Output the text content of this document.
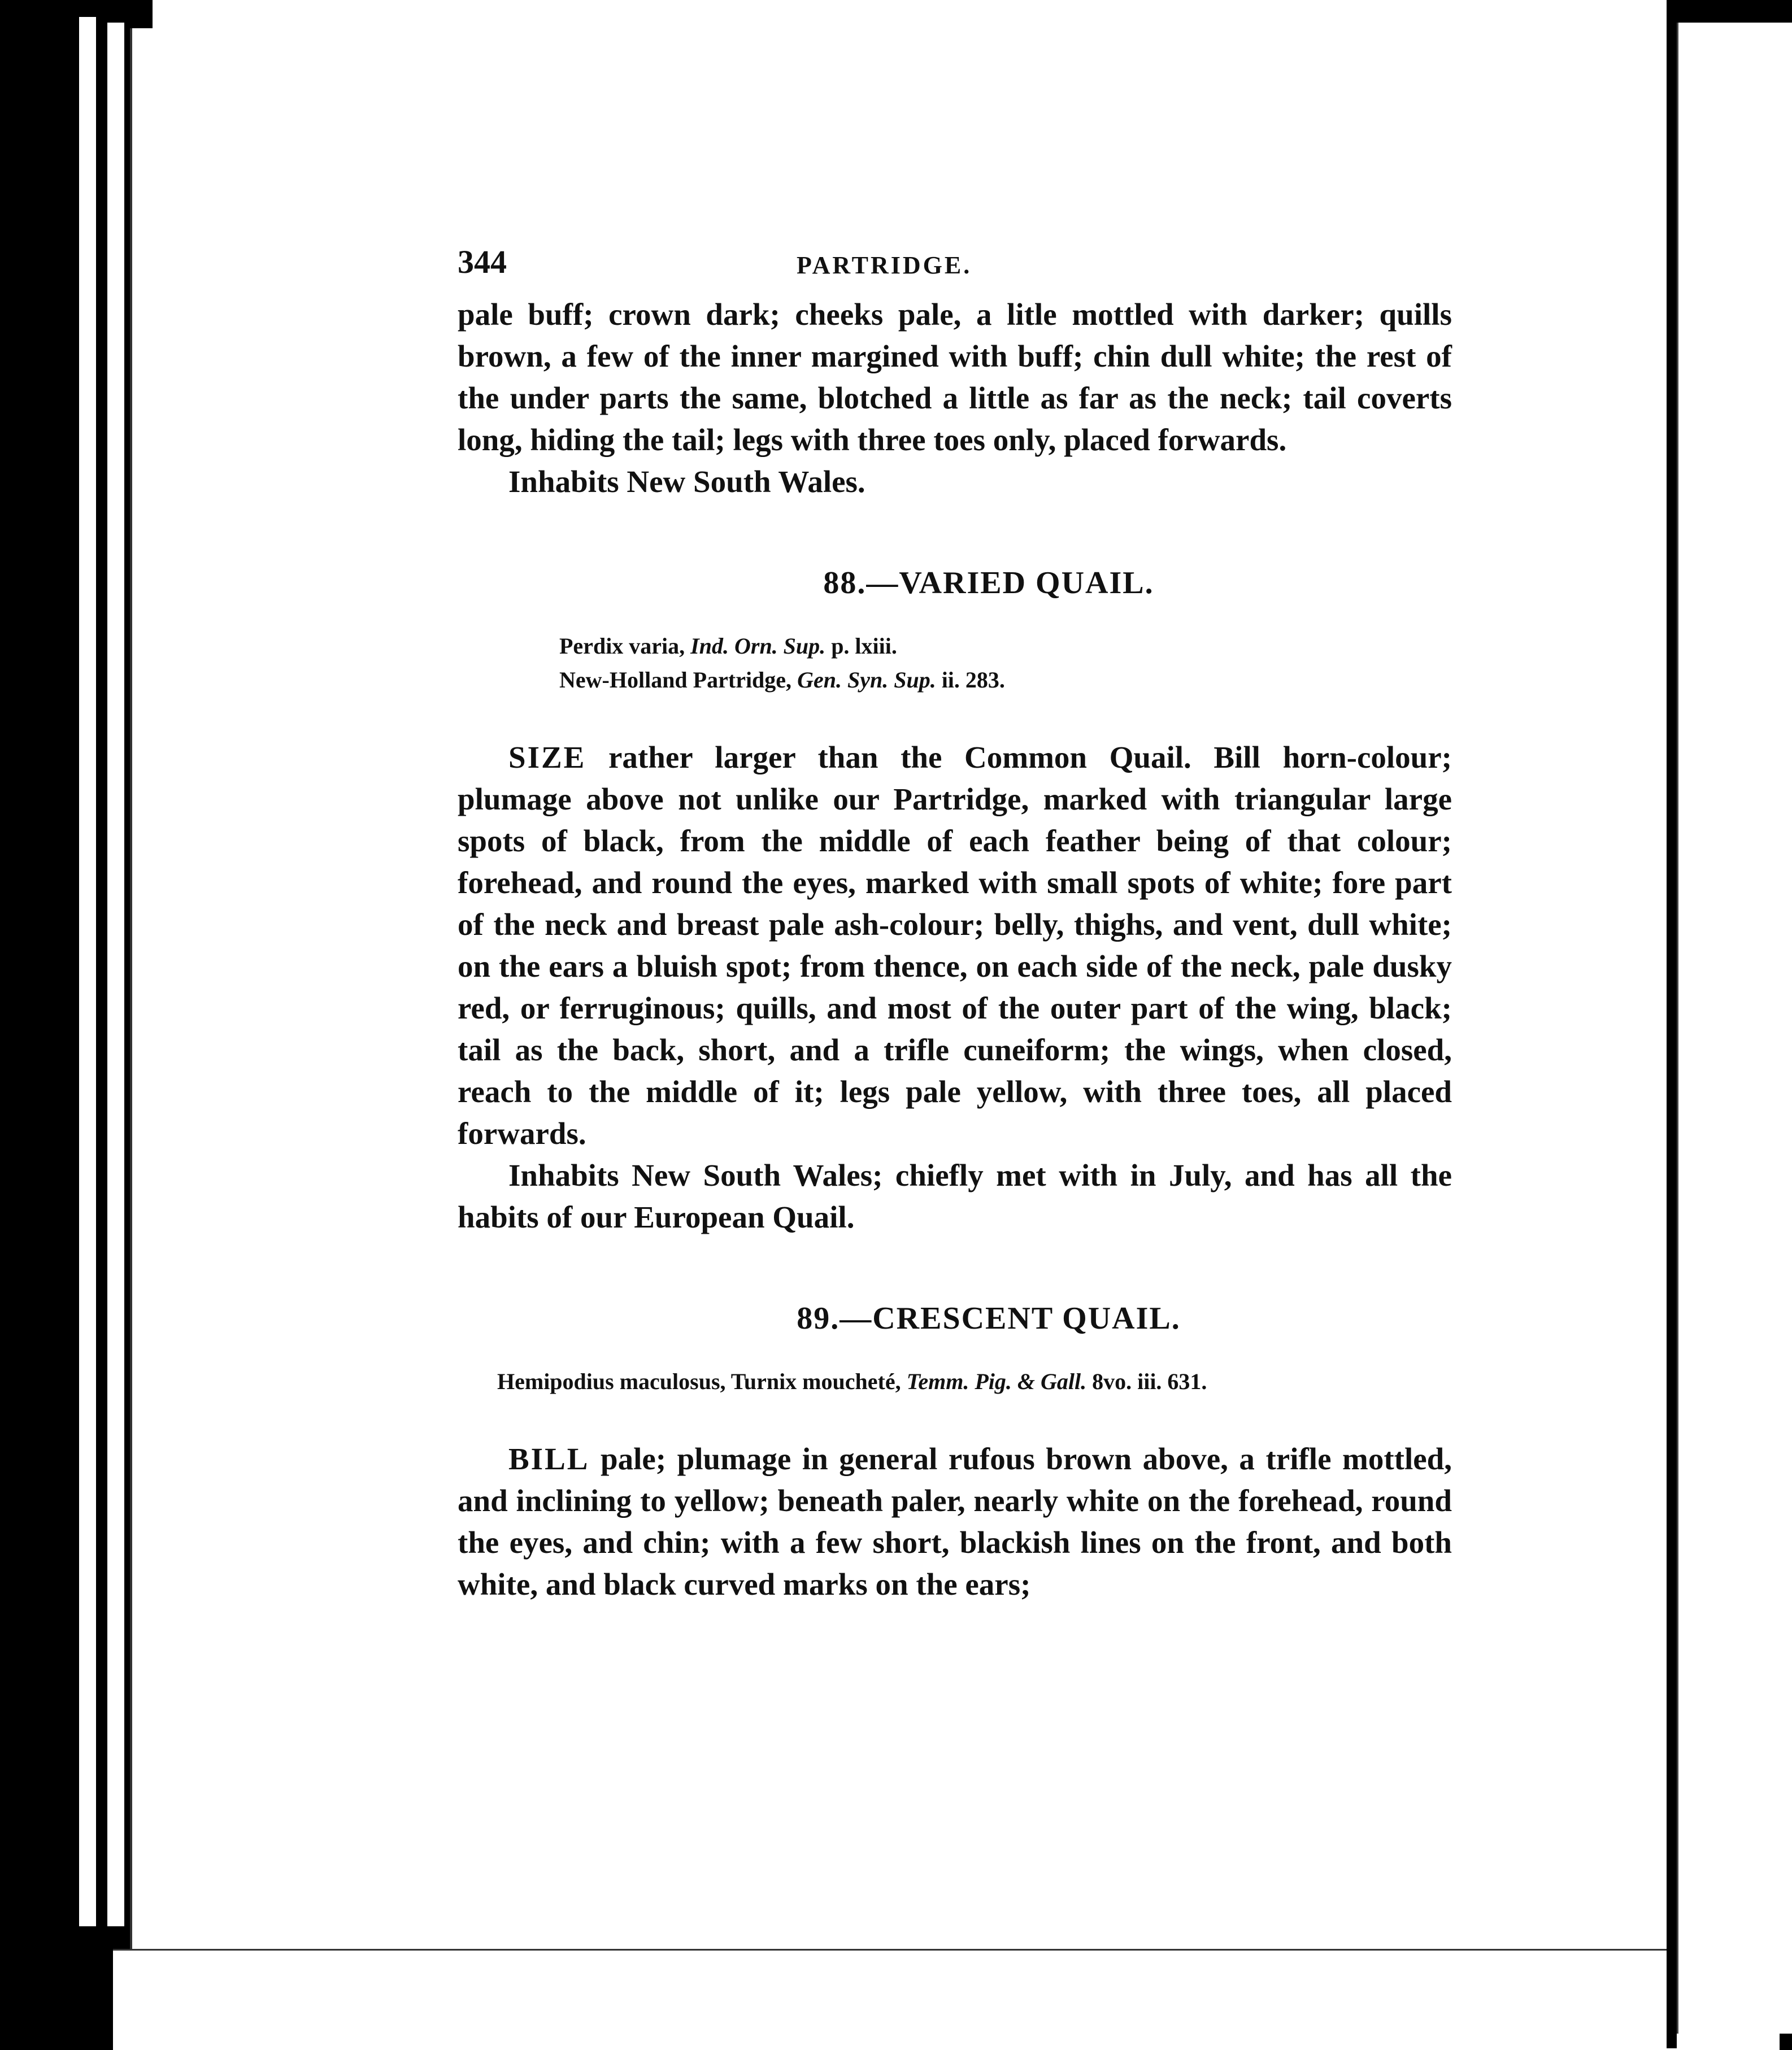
344	PARTRIDGE.

pale buff; crown dark; cheeks pale, a litle mottled with darker; quills brown, a few of the inner margined with buff; chin dull white; the rest of the under parts the same, blotched a little as far as the neck; tail coverts long, hiding the tail; legs with three toes only, placed forwards.

Inhabits New South Wales.

88.—VARIED QUAIL.
Perdix varia, Ind. Orn. Sup. p. lxiii.
New-Holland Partridge, Gen. Syn. Sup. ii. 283.

SIZE rather larger than the Common Quail. Bill horn-colour; plumage above not unlike our Partridge, marked with triangular large spots of black, from the middle of each feather being of that colour; forehead, and round the eyes, marked with small spots of white; fore part of the neck and breast pale ash-colour; belly, thighs, and vent, dull white; on the ears a bluish spot; from thence, on each side of the neck, pale dusky red, or ferruginous; quills, and most of the outer part of the wing, black; tail as the back, short, and a trifle cuneiform; the wings, when closed, reach to the middle of it; legs pale yellow, with three toes, all placed forwards.

Inhabits New South Wales; chiefly met with in July, and has all the habits of our European Quail.

89.—CRESCENT QUAIL.
Hemipodius maculosus, Turnix moucheté, Temm. Pig. & Gall. 8vo. iii. 631.

BILL pale; plumage in general rufous brown above, a trifle mottled, and inclining to yellow; beneath paler, nearly white on the forehead, round the eyes, and chin; with a few short, blackish lines on the front, and both white, and black curved marks on the ears;
